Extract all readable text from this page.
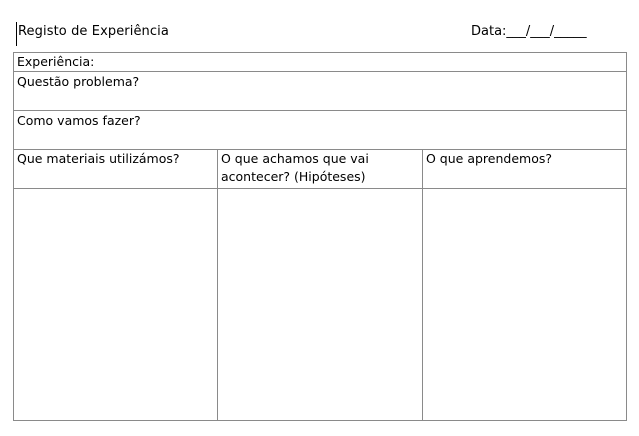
Registo de Experiência	Data:___/___/_____
Experiência:		

Questão problema?		

Como vamos fazer?		

Que materiais utilizámos?	O que achamos que vai acontecer? (Hipóteses)	O que aprendemos?
